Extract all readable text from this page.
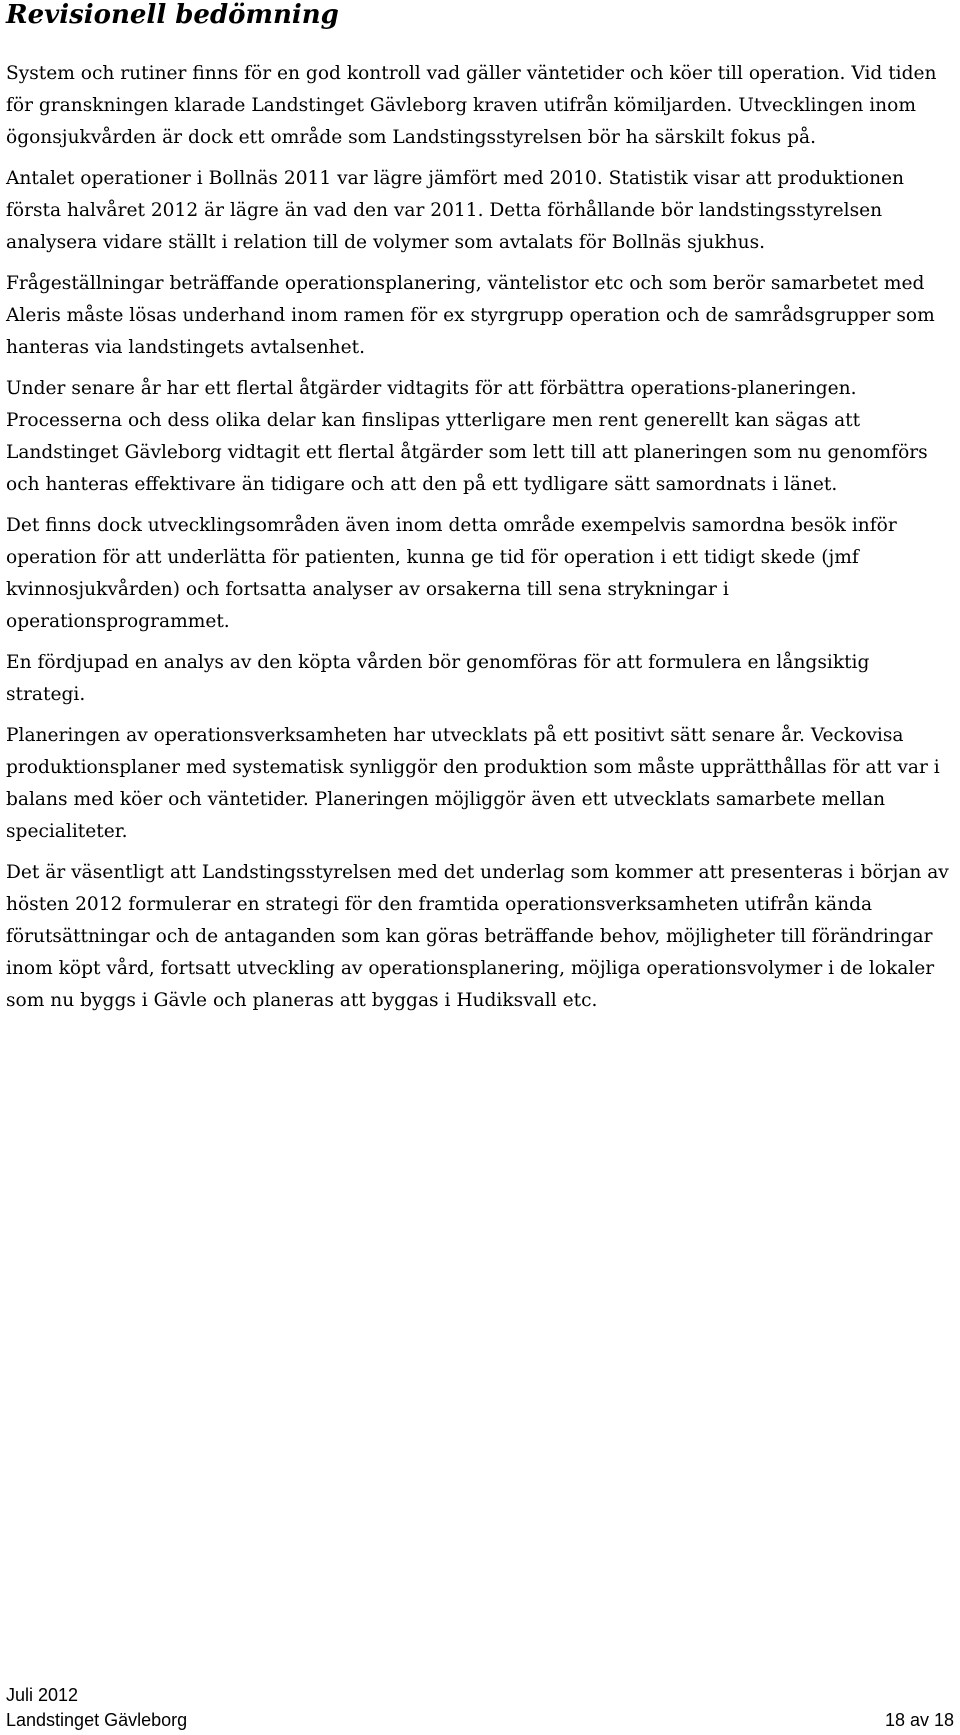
Revisionell bedömning

System och rutiner finns för en god kontroll vad gäller väntetider och köer till operation. Vid tiden för granskningen klarade Landstinget Gävleborg kraven utifrån kömiljarden. Utvecklingen inom ögonsjukvården är dock ett område som Landstingsstyrelsen bör ha särskilt fokus på.

Antalet operationer i Bollnäs 2011 var lägre jämfört med 2010. Statistik visar att produktionen första halvåret 2012 är lägre än vad den var 2011. Detta förhållande bör landstingsstyrelsen analysera vidare ställt i relation till de volymer som avtalats för Bollnäs sjukhus.

Frågeställningar beträffande operationsplanering, väntelistor etc och som berör samarbetet med Aleris måste lösas underhand inom ramen för ex styrgrupp operation och de samrådsgrupper som hanteras via landstingets avtalsenhet.

Under senare år har ett flertal åtgärder vidtagits för att förbättra operations-planeringen. Processerna och dess olika delar kan finslipas ytterligare men rent generellt kan sägas att Landstinget Gävleborg vidtagit ett flertal åtgärder som lett till att planeringen som nu genomförs och hanteras effektivare än tidigare och att den på ett tydligare sätt samordnats i länet.

Det finns dock utvecklingsområden även inom detta område exempelvis samordna besök inför operation för att underlätta för patienten, kunna ge tid för operation i ett tidigt skede (jmf kvinnosjukvården) och fortsatta analyser av orsakerna till sena strykningar i operationsprogrammet.

En fördjupad en analys av den köpta vården bör genomföras för att formulera en långsiktig strategi.

Planeringen av operationsverksamheten har utvecklats på ett positivt sätt senare år. Veckovisa produktionsplaner med systematisk synliggör den produktion som måste upprätthållas för att var i balans med köer och väntetider. Planeringen möjliggör även ett utvecklats samarbete mellan specialiteter.

Det är väsentligt att Landstingsstyrelsen med det underlag som kommer att presenteras i början av hösten 2012 formulerar en strategi för den framtida operationsverksamheten utifrån kända förutsättningar och de antaganden som kan göras beträffande behov, möjligheter till förändringar inom köpt vård, fortsatt utveckling av operationsplanering, möjliga operationsvolymer i de lokaler som nu byggs i Gävle och planeras att byggas i Hudiksvall etc.

Juli 2012
Landstinget Gävleborg	18 av 18
